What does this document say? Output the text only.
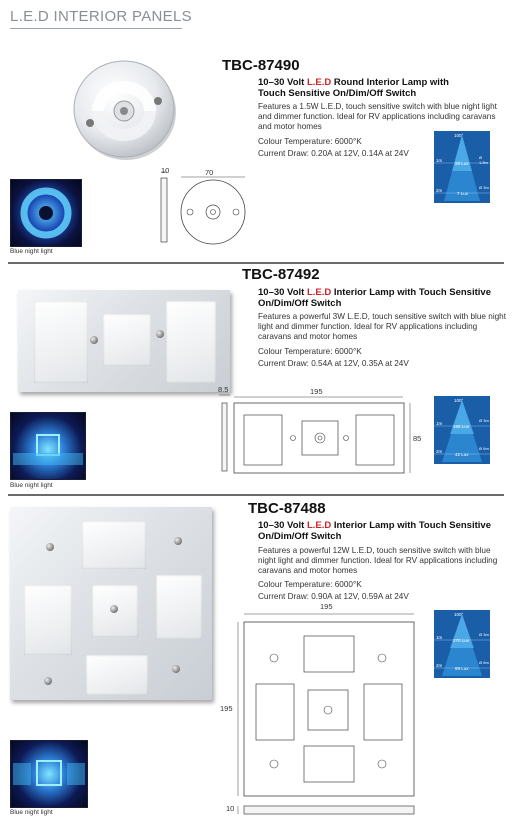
L.E.D INTERIOR PANELS
TBC-87490
10–30 Volt L.E.D Round Interior Lamp with Touch Sensitive On/Dim/Off Switch
Features a 1.5W L.E.D, touch sensitive switch with blue night light and dimmer function. Ideal for RV applications including caravans and motor homes
Colour Temperature: 6000°K
Current Draw: 0.20A at 12V, 0.14A at 24V
100°
1m
2m
28 Lux
7 Lux
Ø 1.5m
Ø 3m
Blue night light
10	70
TBC-87492
10–30 Volt L.E.D Interior Lamp with Touch Sensitive On/Dim/Off Switch
Features a powerful 3W L.E.D, touch sensitive switch with blue night light and dimmer function. Ideal for RV applications including caravans and motor homes
Colour Temperature: 6000°K
Current Draw: 0.54A at 12V, 0.35A at 24V
100°
1m
2m
168 Lux
42 Lux
Ø 3m
Ø 6m
Blue night light
8.5	195
85
TBC-87488
10–30 Volt L.E.D Interior Lamp with Touch Sensitive On/Dim/Off Switch
Features a powerful 12W L.E.D, touch sensitive switch with blue night light and dimmer function. Ideal for RV applications including caravans and motor homes
Colour Temperature: 6000°K
Current Draw: 0.90A at 12V, 0.59A at 24V
100°
1m
2m
270 Lux
69 Lux
Ø 3m
Ø 6m
Blue night light
195
195
10
